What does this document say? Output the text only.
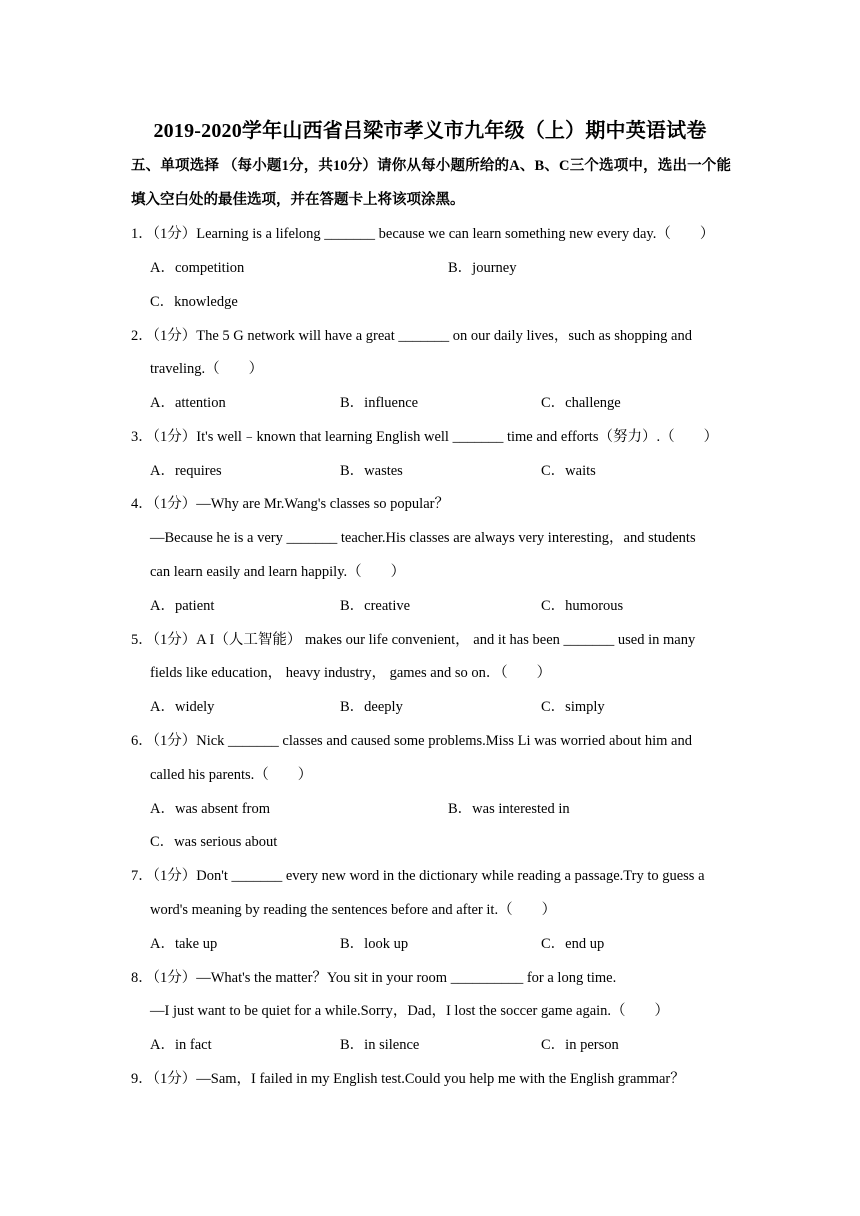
2019-2020学年山西省吕梁市孝义市九年级（上）期中英语试卷
五、单项选择 （每小题1分，共10分）请你从每小题所给的A、B、C三个选项中，选出一个能填入空白处的最佳选项，并在答题卡上将该项涂黑。
1．（1分）Learning is a lifelong _______ because we can learn something new every day.（　　）
A．competition	B．journey
C．knowledge
2．（1分）The 5 G network will have a great _______ on our daily lives，such as shopping and
traveling.（　　）
A．attention	B．influence	C．challenge
3．（1分）It's well﹣known that learning English well _______ time and efforts（努力）.（　　）
A．requires	B．wastes	C．waits
4．（1分）—Why are Mr.Wang's classes so popular？
—Because he is a very _______ teacher.His classes are always very interesting，and students
can learn easily and learn happily.（　　）
A．patient	B．creative	C．humorous
5．（1分）A I（人工智能） makes our life convenient， and it has been _______ used in many
fields like education， heavy industry， games and so on．（　　）
A．widely	B．deeply	C．simply
6．（1分）Nick _______ classes and caused some problems.Miss Li was worried about him and
called his parents.（　　）
A．was absent from	B．was interested in
C．was serious about
7．（1分）Don't _______ every new word in the dictionary while reading a passage.Try to guess a
word's meaning by reading the sentences before and after it.（　　）
A．take up	B．look up	C．end up
8．（1分）—What's the matter？You sit in your room __________ for a long time.
—I just want to be quiet for a while.Sorry，Dad，I lost the soccer game again.（　　）
A．in fact	B．in silence	C．in person
9．（1分）—Sam，I failed in my English test.Could you help me with the English grammar？
